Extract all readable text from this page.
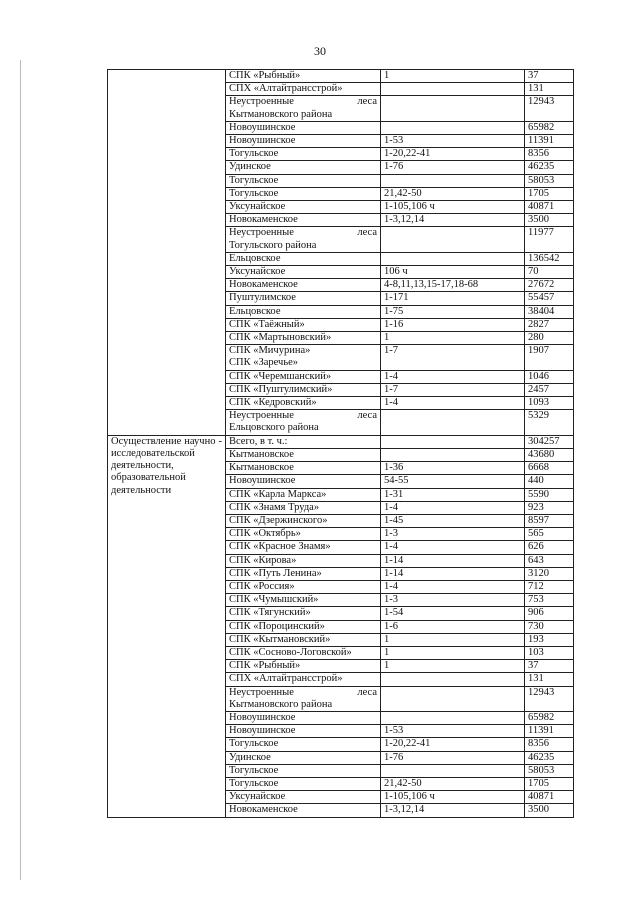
30

	СПК «Рыбный»	1	37

	СПХ «Алтайтрансстрой»		131

	Неустроенные леса
Кытмановского района		12943

	Новоушинское		65982

	Новоушинское	1-53	11391

	Тогульское	1-20,22-41	8356

	Удинское	1-76	46235

	Тогульское		58053

	Тогульское	21,42-50	1705

	Уксунайское	1-105,106 ч	40871

	Новокаменское	1-3,12,14	3500

	Неустроенные леса
Тогульского района		11977

	Ельцовское		136542

	Уксунайское	106 ч	70

	Новокаменское	4-8,11,13,15-17,18-68	27672

	Пуштулимское	1-171	55457

	Ельцовское	1-75	38404

	СПК «Таёжный»	1-16	2827

	СПК «Мартыновский»	1	280

	СПК «Мичурина»
СПК «Заречье»	1-7	1907

	СПК «Черемшанский»	1-4	1046

	СПК «Пуштулимский»	1-7	2457

	СПК «Кедровский»	1-4	1093

	Неустроенные леса
Ельцовского района		5329
Осуществление научно - исследовательской деятельности, образовательной деятельности	Всего, в т. ч.:		304257

	Кытмановское		43680

	Кытмановское	1-36	6668

	Новоушинское	54-55	440

	СПК «Карла Маркса»	1-31	5590

	СПК «Знамя Труда»	1-4	923

	СПК «Дзержинского»	1-45	8597

	СПК «Октябрь»	1-3	565

	СПК «Красное Знамя»	1-4	626

	СПК «Кирова»	1-14	643

	СПК «Путь Ленина»	1-14	3120

	СПК «Россия»	1-4	712

	СПК «Чумышский»	1-3	753

	СПК «Тягунский»	1-54	906

	СПК «Пороцинский»	1-6	730

	СПК «Кытмановский»	1	193

	СПК «Сосново-Логовской»	1	103

	СПК «Рыбный»	1	37

	СПХ «Алтайтрансстрой»		131

	Неустроенные леса
Кытмановского района		12943

	Новоушинское		65982

	Новоушинское	1-53	11391

	Тогульское	1-20,22-41	8356

	Удинское	1-76	46235

	Тогульское		58053

	Тогульское	21,42-50	1705

	Уксунайское	1-105,106 ч	40871

	Новокаменское	1-3,12,14	3500
